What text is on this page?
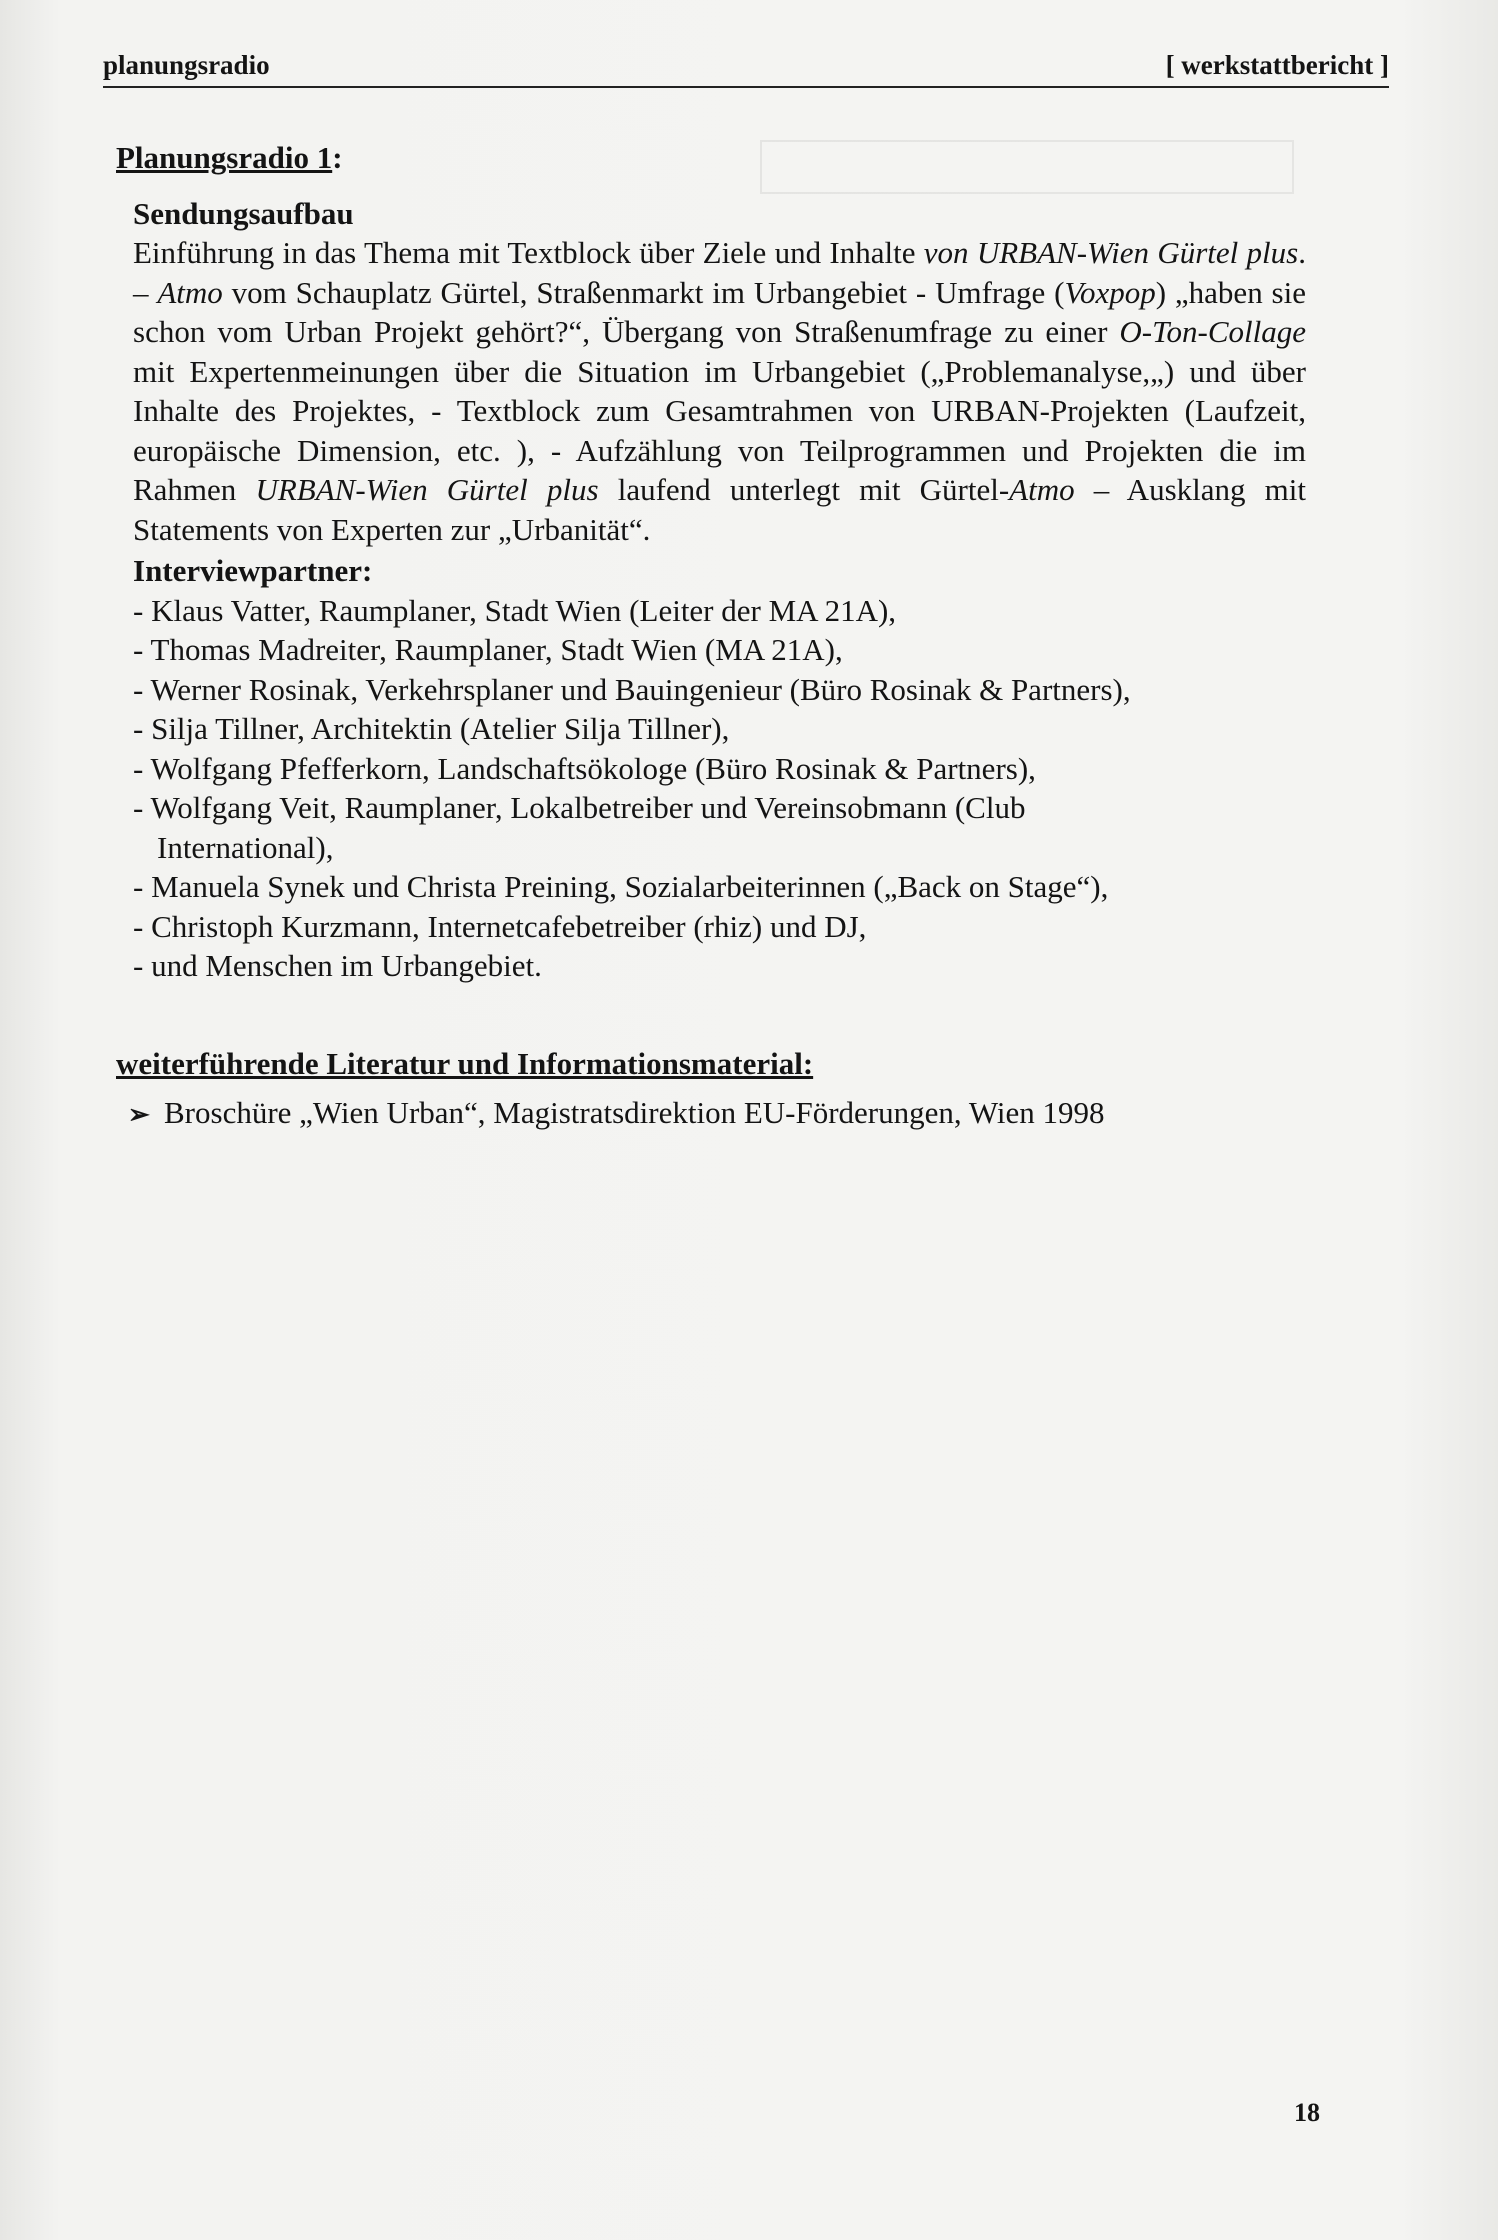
planungsradio	[ werkstattbericht ]
Planungsradio 1:
Sendungsaufbau
Einführung in das Thema mit Textblock über Ziele und Inhalte von URBAN-Wien Gürtel plus. – Atmo vom Schauplatz Gürtel, Straßenmarkt im Urbangebiet - Umfrage (Voxpop) „haben sie schon vom Urban Projekt gehört?“, Übergang von Straßenumfrage zu einer O-Ton-Collage mit Expertenmeinungen über die Situation im Urbangebiet („Problemanalyse,„) und über Inhalte des Projektes, - Textblock zum Gesamtrahmen von URBAN-Projekten (Laufzeit, europäische Dimension, etc. ), - Aufzählung von Teilprogrammen und Projekten die im Rahmen URBAN-Wien Gürtel plus laufend unterlegt mit Gürtel-Atmo – Ausklang mit Statements von Experten zur „Urbanität“.
Interviewpartner:
- Klaus Vatter, Raumplaner, Stadt Wien (Leiter der MA 21A),
- Thomas Madreiter, Raumplaner, Stadt Wien (MA 21A),
- Werner Rosinak, Verkehrsplaner und Bauingenieur (Büro Rosinak & Partners),
- Silja Tillner, Architektin (Atelier Silja Tillner),
- Wolfgang Pfefferkorn, Landschaftsökologe (Büro Rosinak & Partners),
- Wolfgang Veit, Raumplaner, Lokalbetreiber und Vereinsobmann (Club
International),
- Manuela Synek und Christa Preining, Sozialarbeiterinnen („Back on Stage“),
- Christoph Kurzmann, Internetcafebetreiber (rhiz) und DJ,
- und Menschen im Urbangebiet.
weiterführende Literatur und Informationsmaterial:
➢ Broschüre „Wien Urban“, Magistratsdirektion EU-Förderungen, Wien 1998
18
